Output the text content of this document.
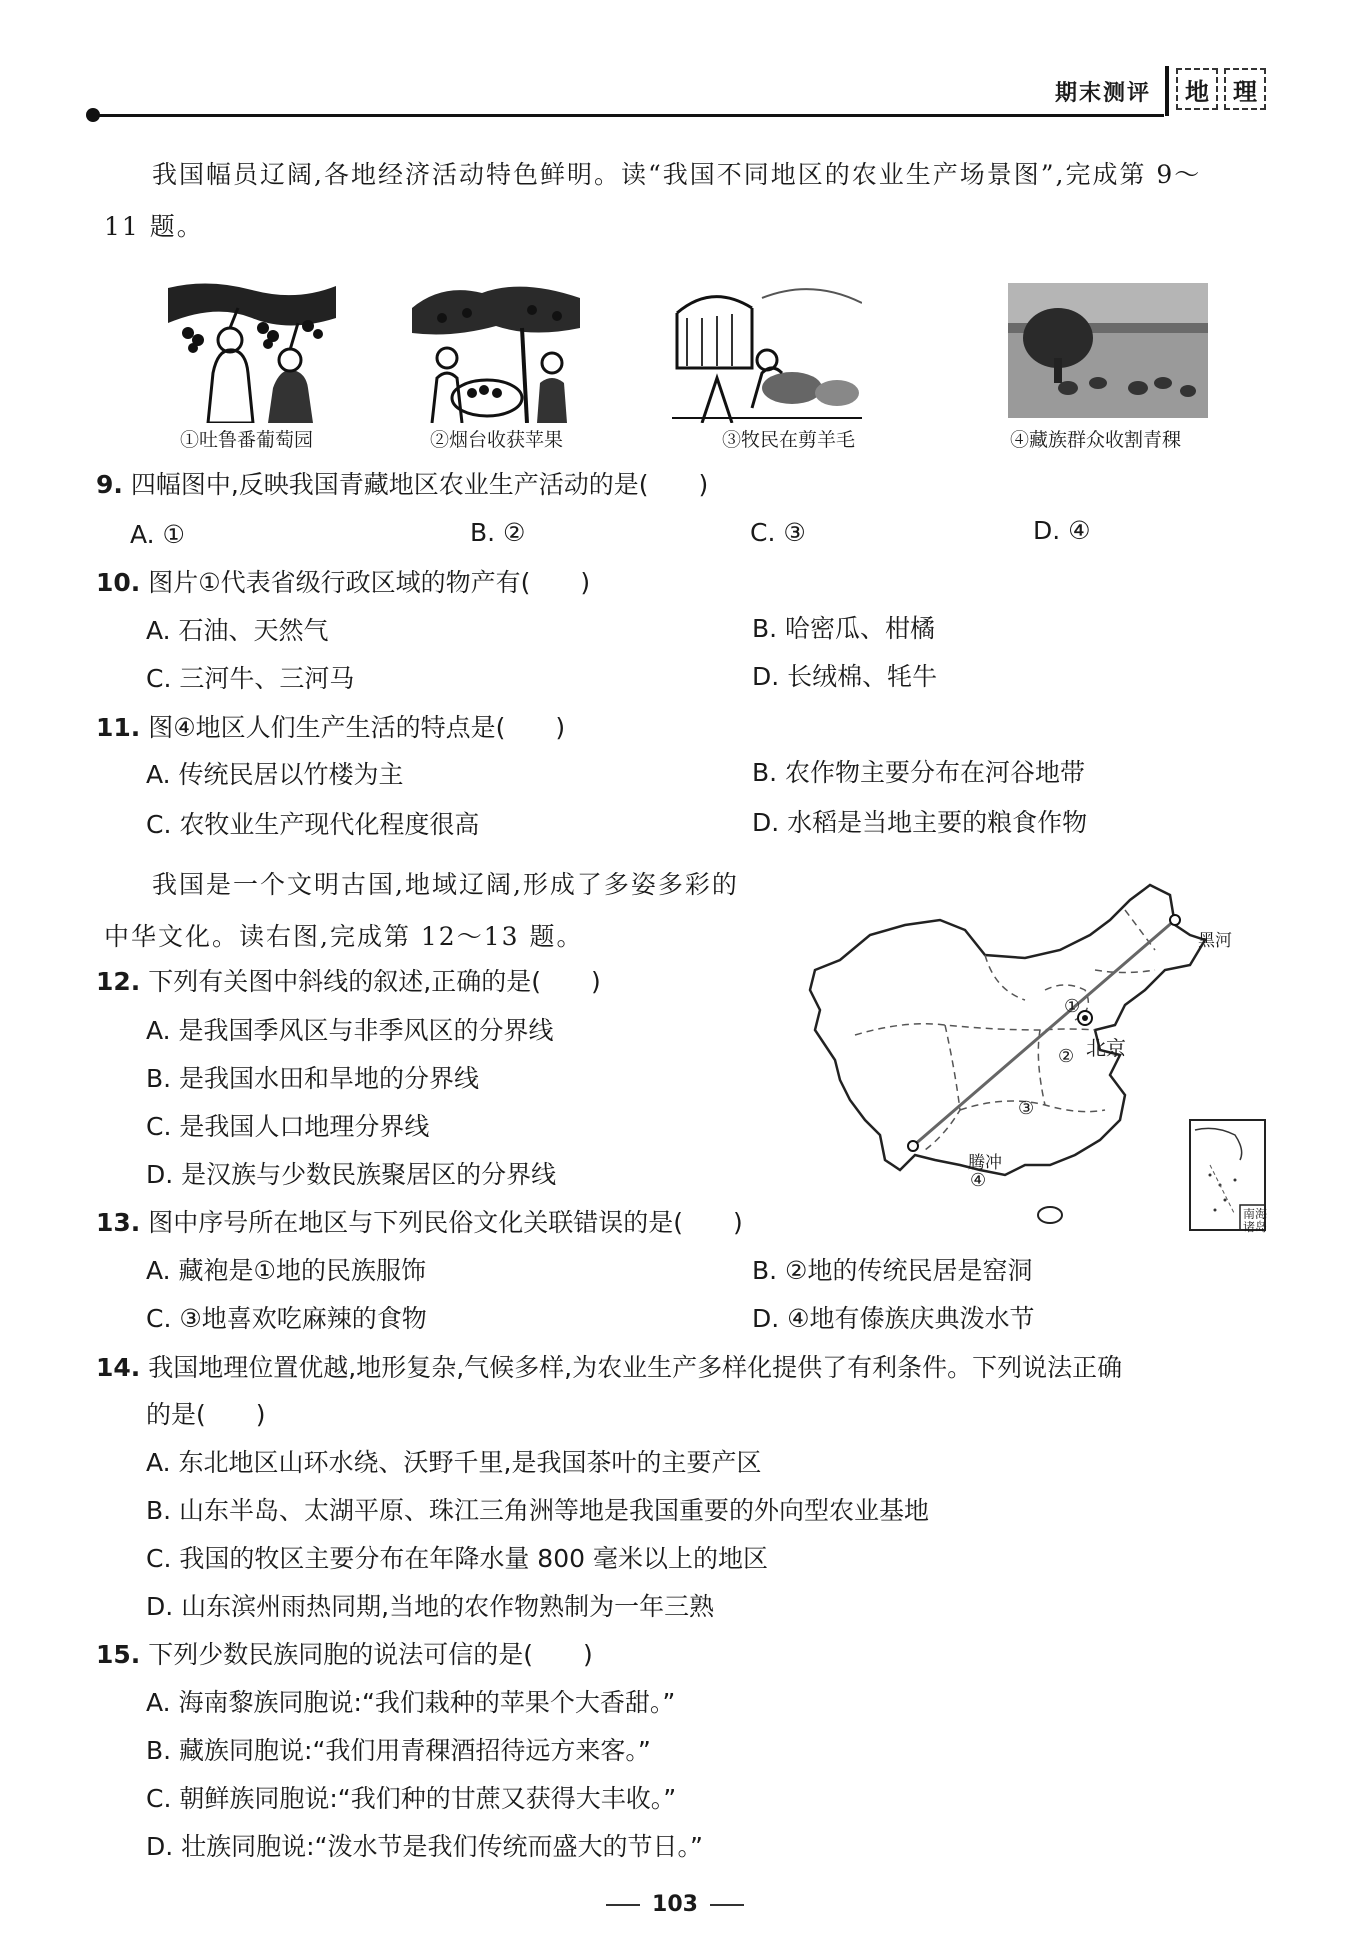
期末测评	地	理
我国幅员辽阔,各地经济活动特色鲜明。读“我国不同地区的农业生产场景图”,完成第 9～
11 题。
①吐鲁番葡萄园	②烟台收获苹果	③牧民在剪羊毛	④藏族群众收割青稞
9. 四幅图中,反映我国青藏地区农业生产活动的是(　　)
A. ①	B. ②	C. ③	D. ④
10. 图片①代表省级行政区域的物产有(　　)
A. 石油、天然气	B. 哈密瓜、柑橘
C. 三河牛、三河马	D. 长绒棉、牦牛
11. 图④地区人们生产生活的特点是(　　)
A. 传统民居以竹楼为主	B. 农作物主要分布在河谷地带
C. 农牧业生产现代化程度很高	D. 水稻是当地主要的粮食作物
我国是一个文明古国,地域辽阔,形成了多姿多彩的
中华文化。读右图,完成第 12～13 题。	黑河
①
北京
②
③
腾冲
④
南海诸岛
12. 下列有关图中斜线的叙述,正确的是(　　)
A. 是我国季风区与非季风区的分界线
B. 是我国水田和旱地的分界线
C. 是我国人口地理分界线
D. 是汉族与少数民族聚居区的分界线
13. 图中序号所在地区与下列民俗文化关联错误的是(　　)
A. 藏袍是①地的民族服饰	B. ②地的传统民居是窑洞
C. ③地喜欢吃麻辣的食物	D. ④地有傣族庆典泼水节
14. 我国地理位置优越,地形复杂,气候多样,为农业生产多样化提供了有利条件。下列说法正确
的是(　　)
A. 东北地区山环水绕、沃野千里,是我国茶叶的主要产区
B. 山东半岛、太湖平原、珠江三角洲等地是我国重要的外向型农业基地
C. 我国的牧区主要分布在年降水量 800 毫米以上的地区
D. 山东滨州雨热同期,当地的农作物熟制为一年三熟
15. 下列少数民族同胞的说法可信的是(　　)
A. 海南黎族同胞说:“我们栽种的苹果个大香甜。”
B. 藏族同胞说:“我们用青稞酒招待远方来客。”
C. 朝鲜族同胞说:“我们种的甘蔗又获得大丰收。”
D. 壮族同胞说:“泼水节是我们传统而盛大的节日。”
103
